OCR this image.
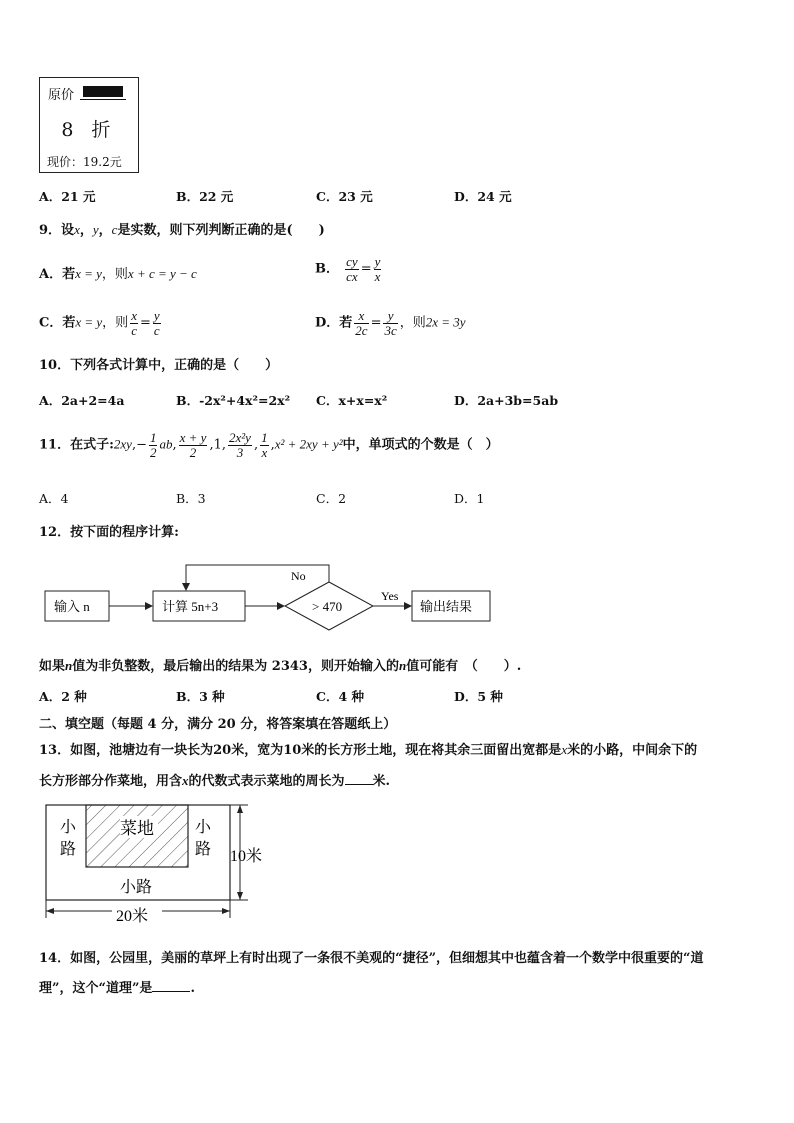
原价
8 折
现价：19.2元
A．21 元	B．22 元	C．23 元	D．24 元
9．设x，y，c是实数，则下列判断正确的是(　　)
A．若x = y，则x + c = y − c	B． $\frac{cy}{cx} = \frac{y}{x}$
C．若x = y，则 $\frac{x}{c} = \frac{y}{c}$	D．若 $\frac{x}{2c} = \frac{y}{3c}$ ，则2x = 3y
10．下列各式计算中，正确的是（　　）
A．2a+2=4a	B．-2x²+4x²=2x² C．x+x=x²	D．2a+3b=5ab
11．在式子:2xy,− $\frac{1}{2}$ ab, $\frac{x + y}{2} ,1$, $\frac{\text{2x²y}}{3}$ , $\frac{1}{x} ,x^2 + 2xy + y^2$中，单项式的个数是（　）
A．4	B．3	C．2	D．1
12．按下面的程序计算:
输入 n	计算 5n+3	> 470	输出结果
No
Yes
如果n值为非负整数，最后输出的结果为 2343，则开始输入的n值可能有　（　　）.
A．2 种	B．3 种	C．4 种	D．5 种
二、填空题（每题 4 分，满分 20 分，将答案填在答题纸上）
13．如图，池塘边有一块长为20米，宽为10米的长方形土地，现在将其余三面留出宽都是x米的小路，中间余下的
长方形部分作菜地，用含x的代数式表示菜地的周长为 米.
菜地
小
路
小
路
小路
10米
20米
14．如图，公园里，美丽的草坪上有时出现了一条很不美观的“捷径”，但细想其中也蕴含着一个数学中很重要的“道
理”，这个“道理”是	.
